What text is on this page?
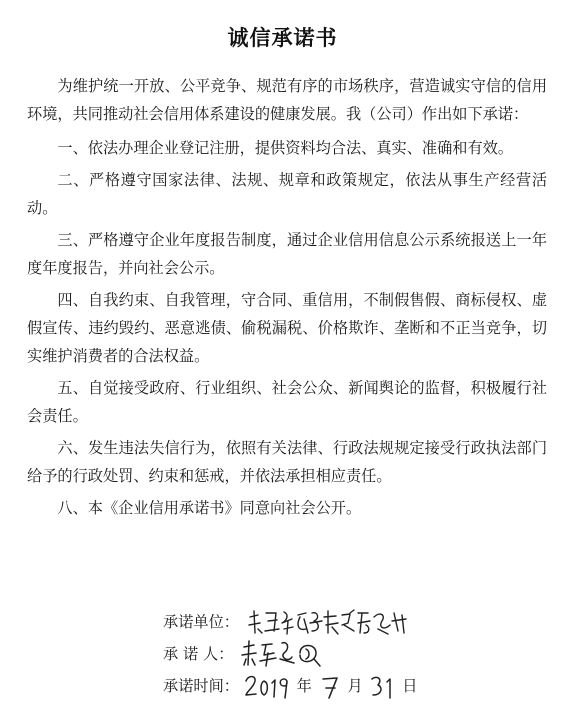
诚信承诺书

为维护统一开放、公平竞争、规范有序的市场秩序，营造诚实守信的信用环境，共同推动社会信用体系建设的健康发展。我（公司）作出如下承诺：

一、依法办理企业登记注册，提供资料均合法、真实、准确和有效。

二、严格遵守国家法律、法规、规章和政策规定，依法从事生产经营活动。

三、严格遵守企业年度报告制度，通过企业信用信息公示系统报送上一年度年度报告，并向社会公示。

四、自我约束、自我管理，守合同、重信用，不制假售假、商标侵权、虚假宣传、违约毁约、恶意逃债、偷税漏税、价格欺诈、垄断和不正当竞争，切实维护消费者的合法权益。

五、自觉接受政府、行业组织、社会公众、新闻舆论的监督，积极履行社会责任。

六、发生违法失信行为，依照有关法律、行政法规规定接受行政执法部门给予的行政处罚、约束和惩戒，并依法承担相应责任。

八、本《企业信用承诺书》同意向社会公开。

承诺单位：
承 诺 人：
承诺时间：	年 月	日
